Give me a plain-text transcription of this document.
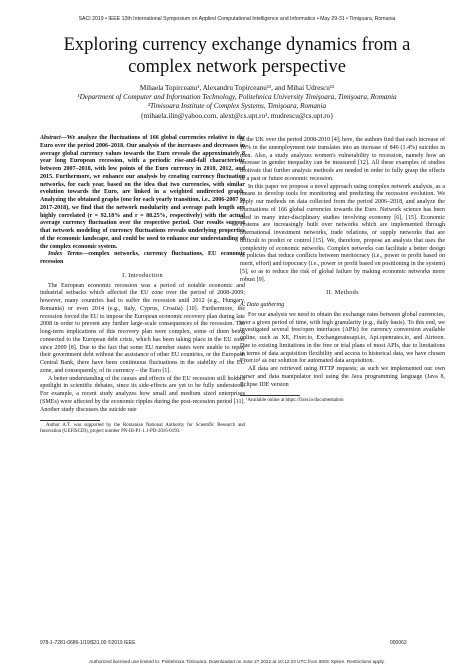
SACI 2019 • IEEE 13th International Symposium on Applied Computational Intelligence and Informatics • May 29-31 • Timişoara, Romania
Exploring currency exchange dynamics from a complex network perspective
Mihaela Topirceanu¹, Alexandru Topirceanu¹², and Mihai Udrescu¹²
¹Department of Computer and Information Technology, Politehnica University Timişoara, Timişoara, Romania
²Timisoara Institute of Complex Systems, Timişoara, Romania
{mihaela.ilin@yahoo.com, alext@cs.upt.ro¹, mudrescu@cs.upt.ro}

Abstract—We analyze the fluctuations of 166 global currencies relative to the Euro over the period 2006–2018. Our analysis of the increases and decreases in average global currency values towards the Euro reveals the approximately 8 year long European recession, with a periodic rise-and-fall characteristic between 2007–2018, with low points of the Euro currency in 2010, 2012, and 2015. Furthermore, we enhance our analysis by creating currency fluctuation networks, for each year, based on the idea that two currencies, with similar evolution towards the Euro, are linked in a weighted undirected graph. Analyzing the obtained graphs (one for each yearly transition, i.e., 2006-2007 to 2017-2018), we find that the network modularity and average path length are highly correlated (r = 92.18% and r = 88.25%, respectively) with the actual average currency fluctuation over the respective period. Our results suggest that network modeling of currency fluctuations reveals underlying properties of the economic landscape, and could be used to enhance our understanding of the complex economic system.

Index Terms—complex networks, currency fluctuations, EU economic recession

I. Introduction

The European economic recession was a period of notable economic and industrial setbacks which affected the EU zone over the period of 2008-2009; however, many countries had to suffer the recession until 2012 (e.g., Hungary, Romania) or even 2014 (e.g., Italy, Cyprus, Croatia) [10]. Furthermore, the recession forced the EU to impose the European economic recovery plan during late 2008 in order to prevent any further large-scale consequences of the recession. The long-term implications of this recovery plan were complex, some of them being connected to the European debt crisis, which has been taking place in the EU zone since 2009 [8]. Due to the fact that some EU member states were unable to repay their government debt without the assistance of other EU countries, or the European Central Bank, there have been continuous fluctuations in the stability of the EU zone, and consequently, of its currency – the Euro [1].

A better understanding of the causes and effects of the EU recession still holds a spotlight in scientific debates, since its side-effects are yet to be fully understood. For example, a recent study analyzes how small and medium sized enterprises (SMEs) were affected by the economic ripples during the post-recession period [11]. Another study discusses the suicide rate

Author A.T. was supported by the Romanian National Authority for Scientific Research and Innovation (UEFISCDI), project number PN-III-P1-1.1-PD-2016-0193.

in the UK over the period 2008-2010 [4]; here, the authors find that each increase of 10% in the unemployment rate translates into an increase of 846 (1.4%) suicides in men. Also, a study analyzes women's vulnerability to recession, namely how an increase in gender inequality can be measured [12]. All these examples of studies motivate that further analysis methods are needed in order to fully grasp the effects of a past or future economic recession.

In this paper we propose a novel approach using complex network analysis, as a means to develop tools for monitoring and predicting the recession evolution. We apply our methods on data collected from the period 2006–2018, and analyze the fluctuations of 166 global currencies towards the Euro. Network science has been used in many inter-disciplinary studies involving economy [6], [15]. Economic systems are increasingly built over networks which are implemented through international investment networks, trade relations, or supply networks that are difficult to predict or control [15]. We, therefore, propose an analysis that uses the complexity of economic networks. Complex networks can facilitate a better design of policies that reduce conflicts between meritocracy (i.e., power or profit based on merit, effort) and topocracy (i.e., power or profit based on positioning in the system) [5], so as to reduce the risk of global failure by making economic networks more robust [9].

II. Methods
A. Data gathering

For our analysis we need to obtain the exchange rates between global currencies, over a given period of time, with high granularity (e.g., daily basis). To this end, we investigated several free/open interfaces (APIs) for currency conversion available online, such as XE, Fixer.io, Exchangeratesapi.io, Api.openrates.io, and Airtoon. Due to existing limitations in the free or trial plans of most APIs, due to limitations in terms of data acquisition flexibility and access to historical data, we have chosen Fixer.io¹ as our solution for automated data acquisition.

All data are retrieved using HTTP requests; as such we implemented our own parser and data manipulator tool using the Java programming language (Java 8, Eclipse IDE version

¹Available online at https://fixer.io/documentation

978-1-7281-0686-1/19/$31.00 ©2019 IEEE	000063
Authorized licensed use limited to: Politehnica Timisoara. Downloaded on June 27,2022 at 10:12:23 UTC from IEEE Xplore. Restrictions apply.
